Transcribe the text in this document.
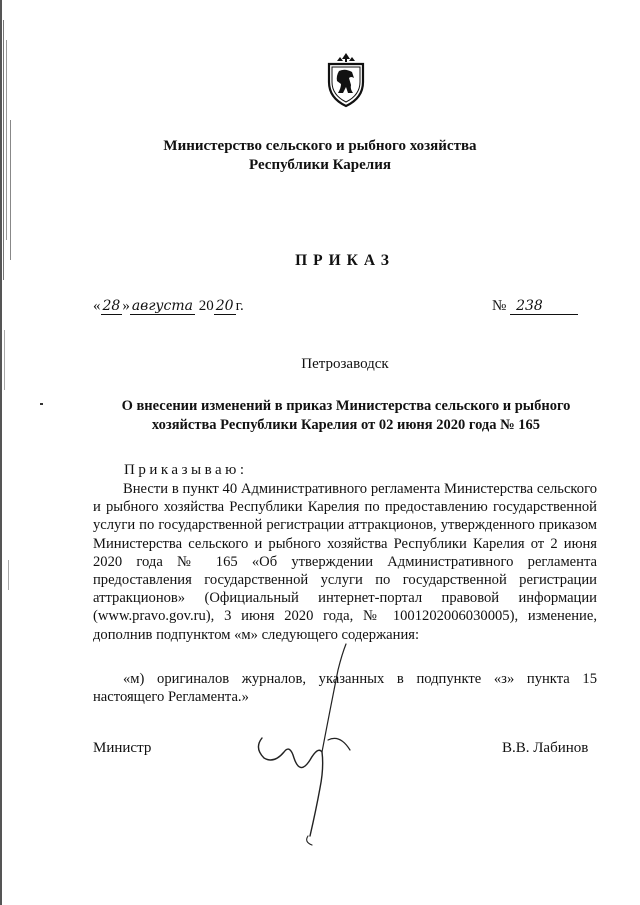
Министерство сельского и рыбного хозяйства
Республики Карелия
ПРИКАЗ
« 28 » августа 20 20 г.	№ 238
Петрозаводск
О внесении изменений в приказ Министерства сельского и рыбного
хозяйства Республики Карелия от 02 июня 2020 года № 165
Приказываю:

Внести в пункт 40 Административного регламента Министерства сельского и рыбного хозяйства Республики Карелия по предоставлению государственной услуги по государственной регистрации аттракционов, утвержденного приказом Министерства сельского и рыбного хозяйства Республики Карелия от 2 июня 2020 года № 165 «Об утверждении Административного регламента предоставления государственной услуги по государственной регистрации аттракционов» (Официальный интернет-портал правовой информации (www.pravo.gov.ru), 3 июня 2020 года, № 1001202006030005), изменение, дополнив подпунктом «м» следующего содержания:

«м) оригиналов журналов, указанных в подпункте «з» пункта 15 настоящего Регламента.»

Министр	В.В. Лабинов
